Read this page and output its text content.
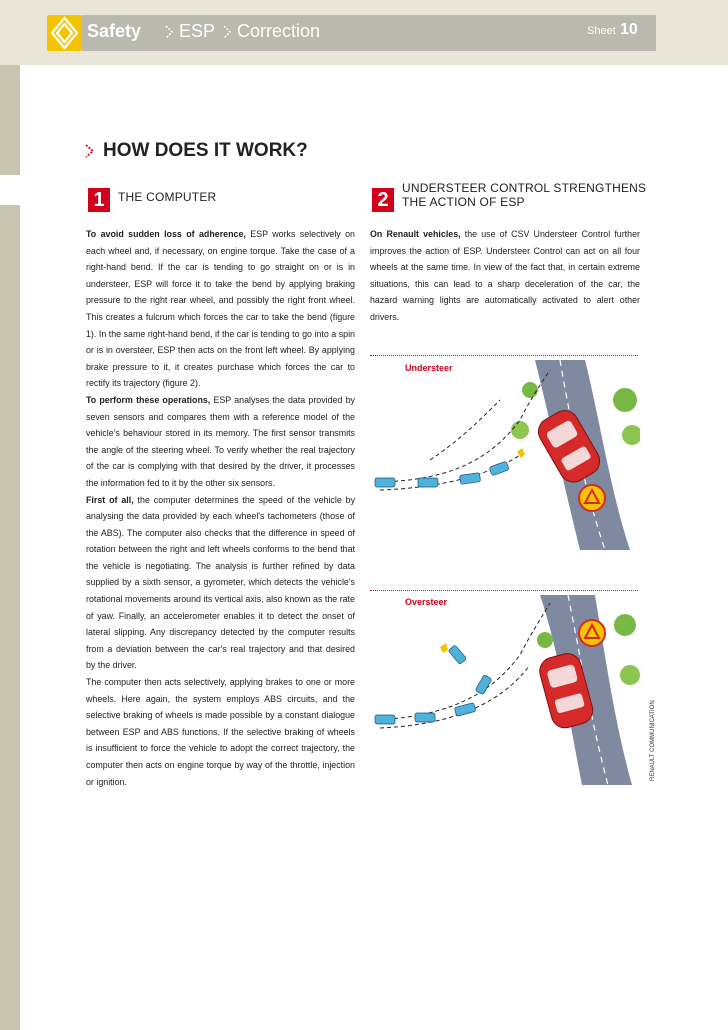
Safety ESP Correction	Sheet 10
HOW DOES IT WORK?
1	THE COMPUTER
To avoid sudden loss of adherence, ESP works selectively on each wheel and, if necessary, on engine torque. Take the case of a right-hand bend. If the car is tending to go straight on or is in understeer, ESP will force it to take the bend by applying braking pressure to the right rear wheel, and possibly the right front wheel. This creates a fulcrum which forces the car to take the bend (figure 1). In the same right-hand bend, if the car is tending to go into a spin or is in oversteer, ESP then acts on the front left wheel. By applying brake pressure to it, it creates purchase which forces the car to rectify its trajectory (figure 2).
To perform these operations, ESP analyses the data provided by seven sensors and compares them with a reference model of the vehicle's behaviour stored in its memory. The first sensor transmits the angle of the steering wheel. To verify whether the real trajectory of the car is complying with that desired by the driver, it processes the information fed to it by the other six sensors.
First of all, the computer determines the speed of the vehicle by analysing the data provided by each wheel's tachometers (those of the ABS). The computer also checks that the difference in speed of rotation between the right and left wheels conforms to the bend that the vehicle is negotiating. The analysis is further refined by data supplied by a sixth sensor, a gyrometer, which detects the vehicle's rotational movements around its vertical axis, also known as the rate of yaw. Finally, an accelerometer enables it to detect the onset of lateral slipping. Any discrepancy detected by the computer results from a deviation between the car's real trajectory and that desired by the driver.
The computer then acts selectively, applying brakes to one or more wheels. Here again, the system employs ABS circuits, and the selective braking of wheels is made possible by a constant dialogue between ESP and ABS functions. If the selective braking of wheels is insufficient to force the vehicle to adopt the correct trajectory, the computer then acts on engine torque by way of the throttle, injection or ignition.
2
UNDERSTEER CONTROL STRENGTHENS
THE ACTION OF ESP
On Renault vehicles, the use of CSV Understeer Control further improves the action of ESP. Understeer Control can act on all four wheels at the same time. In view of the fact that, in certain extreme situations, this can lead to a sharp deceleration of the car, the hazard warning lights are automatically activated to alert other drivers.
Understeer
Oversteer
RENAULT COMMUNICATION
